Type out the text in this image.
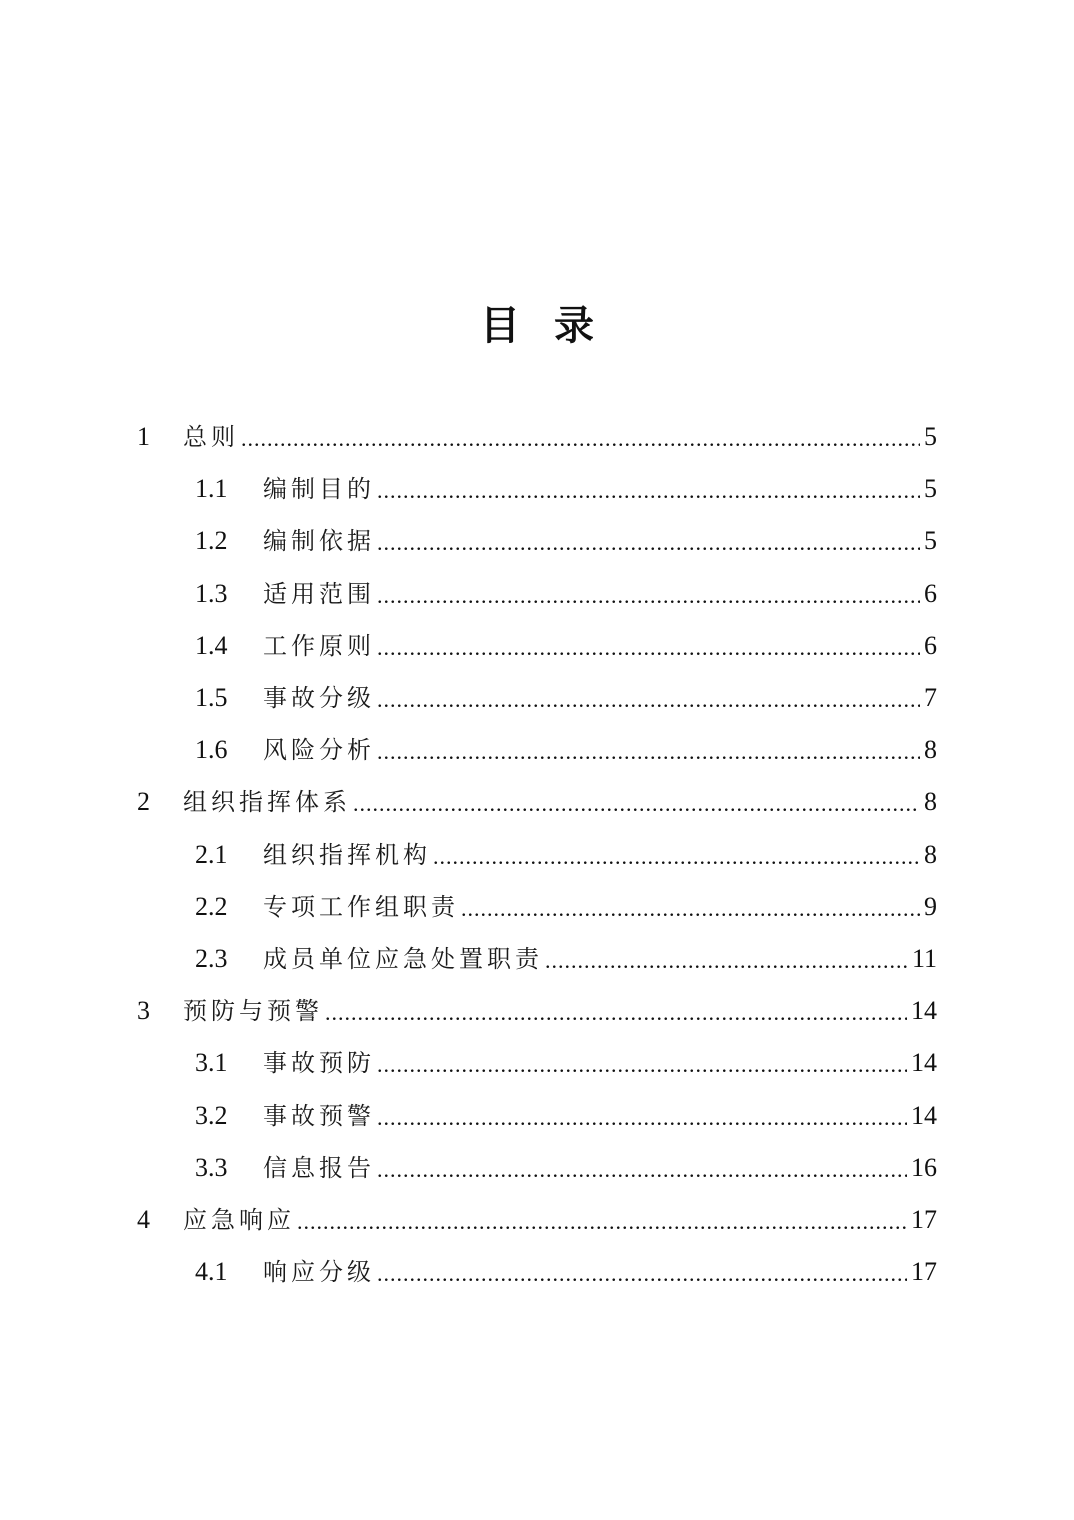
目录
1	总则 .....	5
1.1	编制目的 .....	5
1.2	编制依据 .....	5
1.3	适用范围 .....	6
1.4	工作原则 .....	6
1.5	事故分级 .....	7
1.6	风险分析 .....	8
2	组织指挥体系 .....	8
2.1	组织指挥机构 .....	8
2.2	专项工作组职责 .....	9
2.3	成员单位应急处置职责 .....	11
3	预防与预警 .....	14
3.1	事故预防 .....	14
3.2	事故预警 .....	14
3.3	信息报告 .....	16
4	应急响应 .....	17
4.1	响应分级 .....	17
